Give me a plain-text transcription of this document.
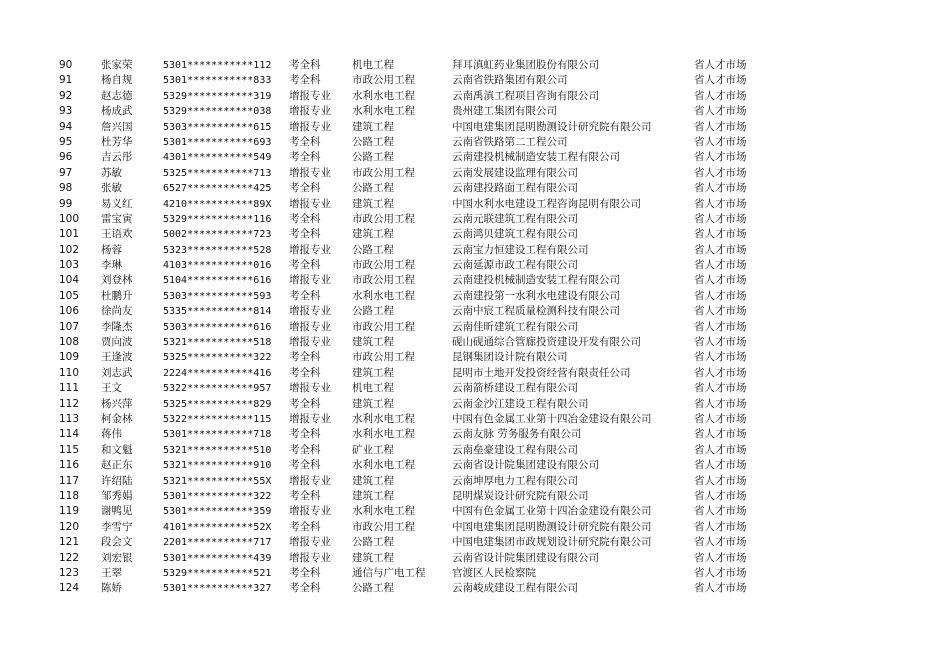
90	张家荣	5301***********112 考全科	机电工程	拜耳滇虹药业集团股份有限公司	省人才市场
91	杨自规	5301***********833 考全科	市政公用工程	云南省铁路集团有限公司	省人才市场
92	赵志德	5329***********319 增报专业 水利水电工程	云南禹滇工程项目咨询有限公司	省人才市场
93	杨成武	5329***********038 增报专业 水利水电工程	贵州建工集团有限公司	省人才市场
94	詹兴国	5303***********615 增报专业 建筑工程	中国电建集团昆明勘测设计研究院有限公司	省人才市场
95	杜芳华	5301***********693 考全科	公路工程	云南省铁路第二工程公司	省人才市场
96	吉云彤	4301***********549 考全科	公路工程	云南建投机械制造安装工程有限公司	省人才市场
97	苏敏	5325***********713 增报专业 市政公用工程	云南发展建设监理有限公司	省人才市场
98	张敏	6527***********425 考全科	公路工程	云南建投路面工程有限公司	省人才市场
99	易义红	4210***********89X 增报专业 建筑工程	中国水利水电建设工程咨询昆明有限公司	省人才市场
100 雷宝寅	5329***********116 考全科	市政公用工程	云南元联建筑工程有限公司	省人才市场
101 王语欢	5002***********723 考全科	建筑工程	云南鸿贝建筑工程有限公司	省人才市场
102 杨蓉	5323***********528 增报专业 公路工程	云南宝力恒建设工程有限公司	省人才市场
103 李琳	4103***********016 考全科	市政公用工程	云南延源市政工程有限公司	省人才市场
104 刘登林	5104***********616 增报专业 市政公用工程	云南建投机械制造安装工程有限公司	省人才市场
105 杜鹏升	5303***********593 考全科	水利水电工程	云南建投第一水利水电建设有限公司	省人才市场
106 徐尚友	5335***********814 增报专业 公路工程	云南中宸工程质量检测科技有限公司	省人才市场
107 李隆杰	5303***********616 增报专业 市政公用工程	云南佳昕建筑工程有限公司	省人才市场
108 贾向波	5321***********518 增报专业 建筑工程	砚山砚通综合管廊投资建设开发有限公司	省人才市场
109 王逢波	5325***********322 考全科	市政公用工程	昆钢集团设计院有限公司	省人才市场
110 刘志武	2224***********416 考全科	建筑工程	昆明市土地开发投资经营有限责任公司	省人才市场
111 王文	5322***********957 增报专业 机电工程	云南箭桥建设工程有限公司	省人才市场
112 杨兴萍	5325***********829 考全科	建筑工程	云南金沙江建设工程有限公司	省人才市场
113 柯金林	5322***********115 增报专业 水利水电工程	中国有色金属工业第十四冶金建设有限公司	省人才市场
114 蒋伟	5301***********718 考全科	水利水电工程	云南友脉 劳务服务有限公司	省人才市场
115 和文魁	5321***********510 考全科	矿业工程	云南垒豪建设工程有限公司	省人才市场
116 赵正东	5321***********910 考全科	水利水电工程	云南省设计院集团建设有限公司	省人才市场
117 许绍陆	5321***********55X 增报专业 建筑工程	云南坤厚电力工程有限公司	省人才市场
118 邹秀娟	5301***********322 考全科	建筑工程	昆明煤炭设计研究院有限公司	省人才市场
119 谢鸭见	5301***********359 增报专业 水利水电工程	中国有色金属工业第十四冶金建设有限公司	省人才市场
120 李雪宁	4101***********52X 考全科	市政公用工程	中国电建集团昆明勘测设计研究院有限公司	省人才市场
121 段会文	2201***********717 增报专业 公路工程	中国电建集团市政规划设计研究院有限公司	省人才市场
122 刘宏银	5301***********439 增报专业 建筑工程	云南省设计院集团建设有限公司	省人才市场
123 王翠	5329***********521 考全科	通信与广电工程	官渡区人民检察院	省人才市场
124 陈娇	5301***********327 考全科	公路工程	云南峻成建设工程有限公司	省人才市场
